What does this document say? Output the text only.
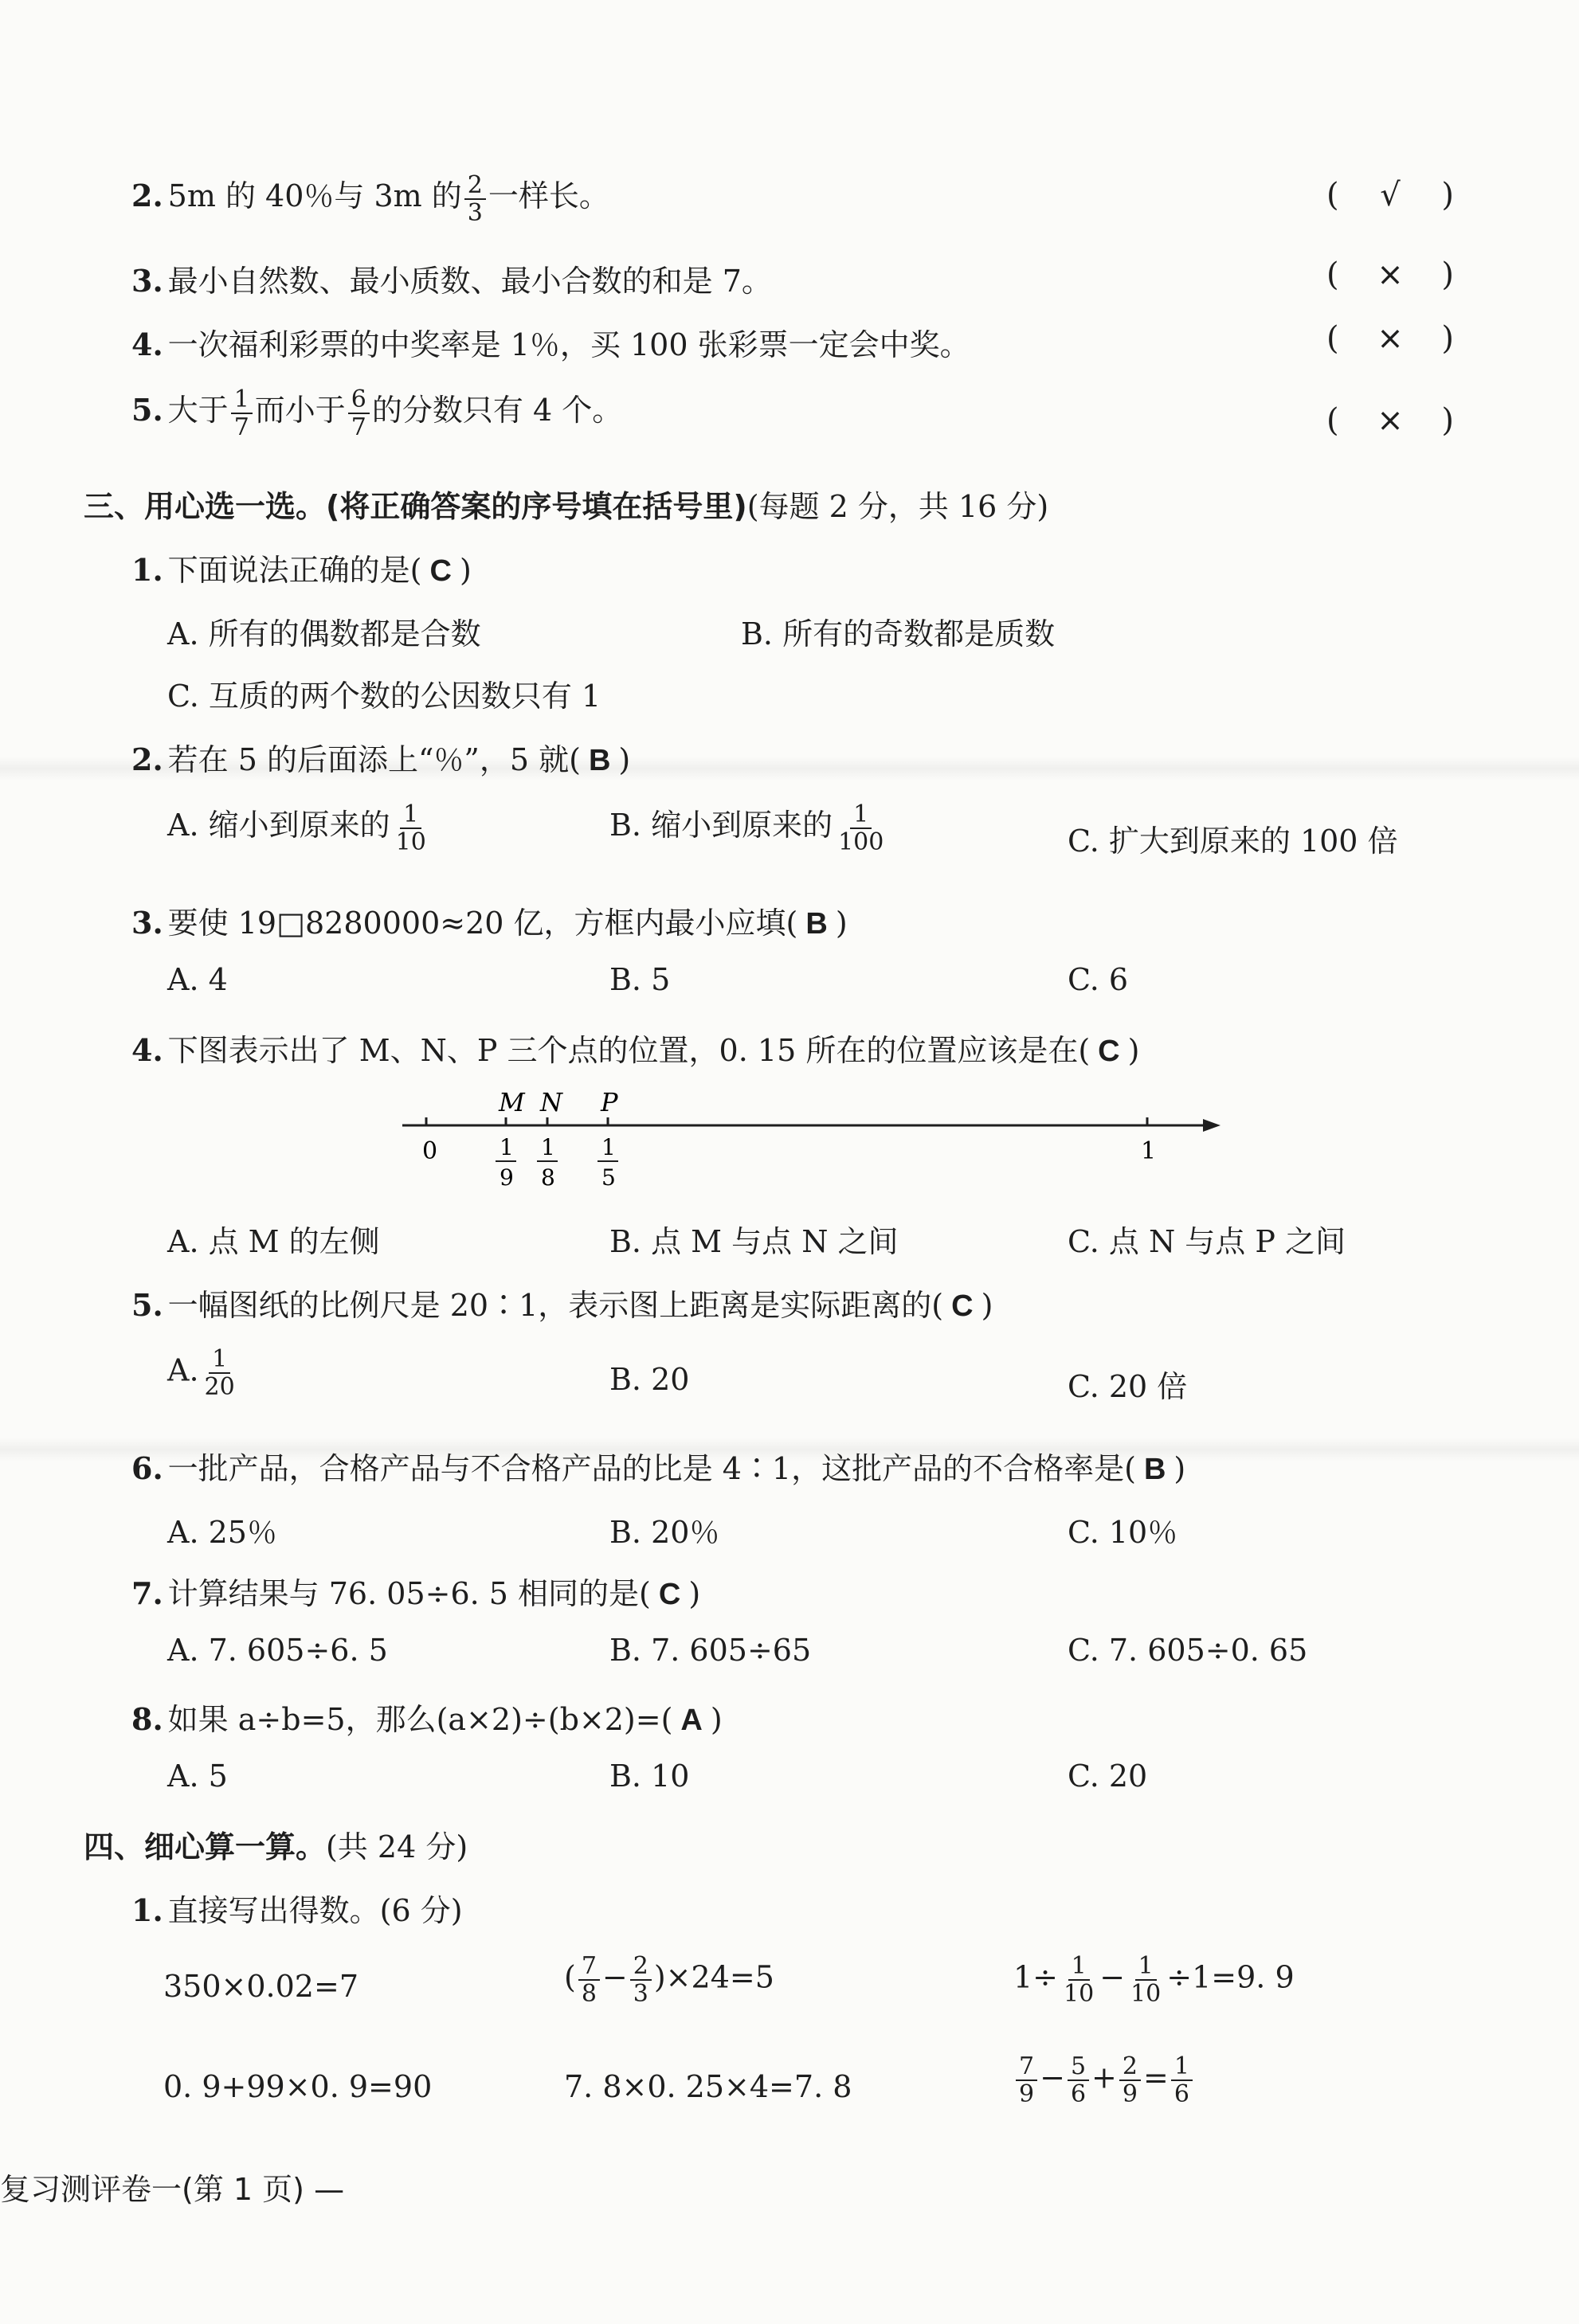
2. 5m 的 40％与 3m 的 $\frac{2}{3}$ 一样长。	( √ )
3. 最小自然数、最小质数、最小合数的和是 7。	( × )
4. 一次福利彩票的中奖率是 1％，买 100 张彩票一定会中奖。	( × )
5. 大于 $\frac{1}{7}$ 而小于 $\frac{6}{7}$ 的分数只有 4 个。	( × )
三、用心选一选。(将正确答案的序号填在括号里)(每题 2 分，共 16 分)
1. 下面说法正确的是( C )
A. 所有的偶数都是合数	B. 所有的奇数都是质数
C. 互质的两个数的公因数只有 1
2. 若在 5 的后面添上“％”，5 就( B )
A. 缩小到原来的 $\frac{1}{10}$	B. 缩小到原来的 $\frac{1}{100}$	C. 扩大到原来的 100 倍
3. 要使 19□8280000≈20 亿，方框内最小应填( B )
A. 4	B. 5	C. 6
4. 下图表示出了 M、N、P 三个点的位置，0. 15 所在的位置应该是在( C )
M N P
0	1
1
9
1
8
1
5
A. 点 M 的左侧	B. 点 M 与点 N 之间	C. 点 N 与点 P 之间
5. 一幅图纸的比例尺是 20∶1，表示图上距离是实际距离的( C )
A. $\frac{1}{20}$	B. 20	C. 20 倍
6. 一批产品，合格产品与不合格产品的比是 4∶1，这批产品的不合格率是( B )
A. 25％	B. 20％	C. 10％
7. 计算结果与 76. 05÷6. 5 相同的是( C )
A. 7. 605÷6. 5	B. 7. 605÷65	C. 7. 605÷0. 65
8. 如果 a÷b=5，那么(a×2)÷(b×2)=( A )
A. 5	B. 10	C. 20
四、细心算一算。(共 24 分)
1. 直接写出得数。(6 分)
350×0.02=7	( $\frac{7}{8} - \frac{2}{3} )\times 24=5$	$1\div \frac{1}{10} - \frac{1}{10} \div 1=9$. 9
0. 9+99×0. 9=90	7. 8×0. 25×4=7. 8	$\frac{7}{9} - \frac{5}{6} + \frac{2}{9} = \frac{1}{6}$
复习测评卷一(第 1 页) —
